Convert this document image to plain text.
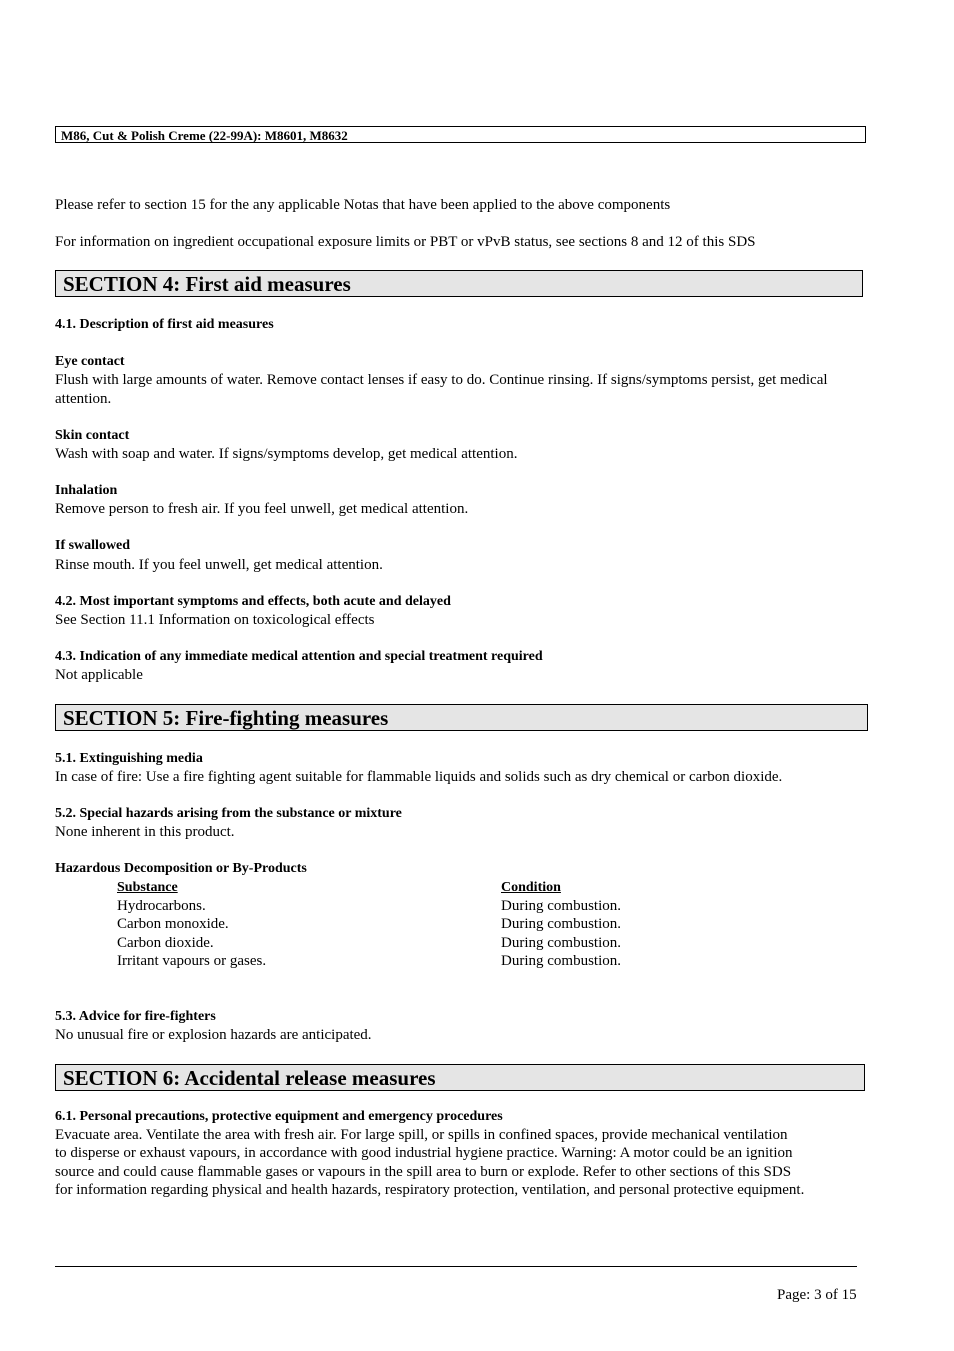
M86, Cut & Polish Creme (22-99A): M8601, M8632
Please refer to section 15 for the any applicable Notas that have been applied to the above components
For information on ingredient occupational exposure limits or PBT or vPvB status, see sections 8 and 12 of this SDS
SECTION 4: First aid measures
4.1. Description of first aid measures
Eye contact
Flush with large amounts of water. Remove contact lenses if easy to do. Continue rinsing. If signs/symptoms persist, get medical attention.
Skin contact
Wash with soap and water. If signs/symptoms develop, get medical attention.
Inhalation
Remove person to fresh air. If you feel unwell, get medical attention.
If swallowed
Rinse mouth. If you feel unwell, get medical attention.
4.2. Most important symptoms and effects, both acute and delayed
See Section 11.1 Information on toxicological effects
4.3. Indication of any immediate medical attention and special treatment required
Not applicable
SECTION 5: Fire-fighting measures
5.1. Extinguishing media
In case of fire: Use a fire fighting agent suitable for flammable liquids and solids such as dry chemical or carbon dioxide.
5.2. Special hazards arising from the substance or mixture
None inherent in this product.
Hazardous Decomposition or By-Products
Substance	Condition
Hydrocarbons.	During combustion.
Carbon monoxide.	During combustion.
Carbon dioxide.	During combustion.
Irritant vapours or gases.	During combustion.
5.3. Advice for fire-fighters
No unusual fire or explosion hazards are anticipated.
SECTION 6: Accidental release measures
6.1. Personal precautions, protective equipment and emergency procedures
Evacuate area. Ventilate the area with fresh air. For large spill, or spills in confined spaces, provide mechanical ventilation
to disperse or exhaust vapours, in accordance with good industrial hygiene practice. Warning: A motor could be an ignition
source and could cause flammable gases or vapours in the spill area to burn or explode. Refer to other sections of this SDS
for information regarding physical and health hazards, respiratory protection, ventilation, and personal protective equipment.
Page: 3 of 15
